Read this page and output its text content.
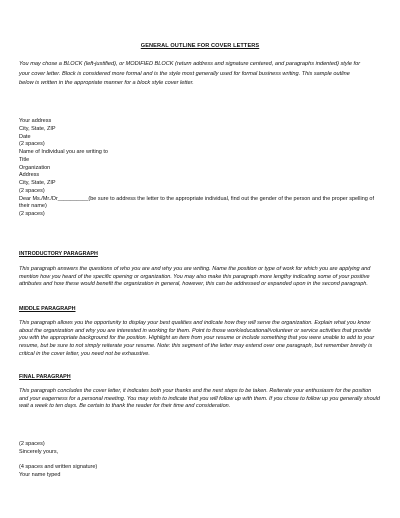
GENERAL OUTLINE FOR COVER LETTERS
You may chose a BLOCK (left-justified), or MODIFIED BLOCK (return address and signature centered, and paragraphs indented) style for your cover letter. Block is considered more formal and is the style most generally used for formal business writing. This sample outline below is written in the appropriate manner for a block style cover letter.
Your address
City, State, ZIP
Date
(2 spaces)
Name of Individual you are writing to
Title
Organization
Address
City, State, ZIP
(2 spaces)
Dear Ms./Mr./Dr__________(be sure to address the letter to the appropriate individual, find out the gender of the person and the proper spelling of their name)
(2 spaces)
INTRODUCTORY PARAGRAPH
This paragraph answers the questions of who you are and why you are writing. Name the position or type of work for which you are applying and mention how you heard of the specific opening or organization. You may also make this paragraph more lengthy indicating some of your positive attributes and how these would benefit the organization in general, however, this can be addressed or expanded upon in the second paragraph.
MIDDLE PARAGRAPH
This paragraph allows you the opportunity to display your best qualities and indicate how they will serve the organization. Explain what you know about the organization and why you are interested in working for them. Point to those work/educational/volunteer or service activities that provide you with the appropriate background for the position. Highlight an item from your resume or include something that you were unable to add to your resume, but be sure to not simply reiterate your resume. Note: this segment of the letter may extend over one paragraph, but remember brevity is critical in the cover letter, you need not be exhaustive.
FINAL PARAGRAPH
This paragraph concludes the cover letter, it indicates both your thanks and the next steps to be taken. Reiterate your enthusiasm for the position and your eagerness for a personal meeting. You may wish to indicate that you will follow up with them. If you chose to follow up you generally should wait a week to ten days. Be certain to thank the reader for their time and consideration.
(2 spaces)
Sincerely yours,
(4 spaces and written signature)
Your name typed
